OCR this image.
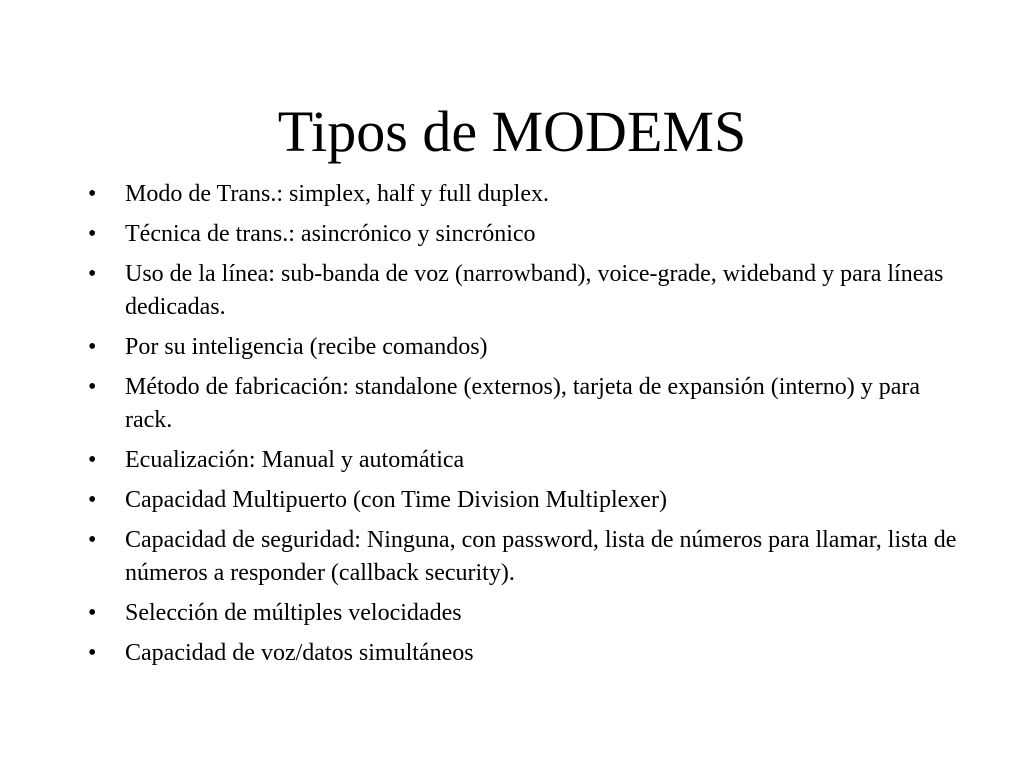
Tipos de MODEMS
•	Modo de Trans.: simplex, half y full duplex.
•	Técnica de trans.: asincrónico y sincrónico
•	Uso de la línea: sub-banda de voz (narrowband), voice-grade, wideband y para líneas dedicadas.
•	Por su inteligencia (recibe comandos)
•	Método de fabricación: standalone (externos), tarjeta de expansión (interno) y para rack.
•	Ecualización: Manual y automática
•	Capacidad Multipuerto (con Time Division Multiplexer)
•	Capacidad de seguridad: Ninguna, con password, lista de números para llamar, lista de números a responder (callback security).
•	Selección de múltiples velocidades
•	Capacidad de voz/datos simultáneos
